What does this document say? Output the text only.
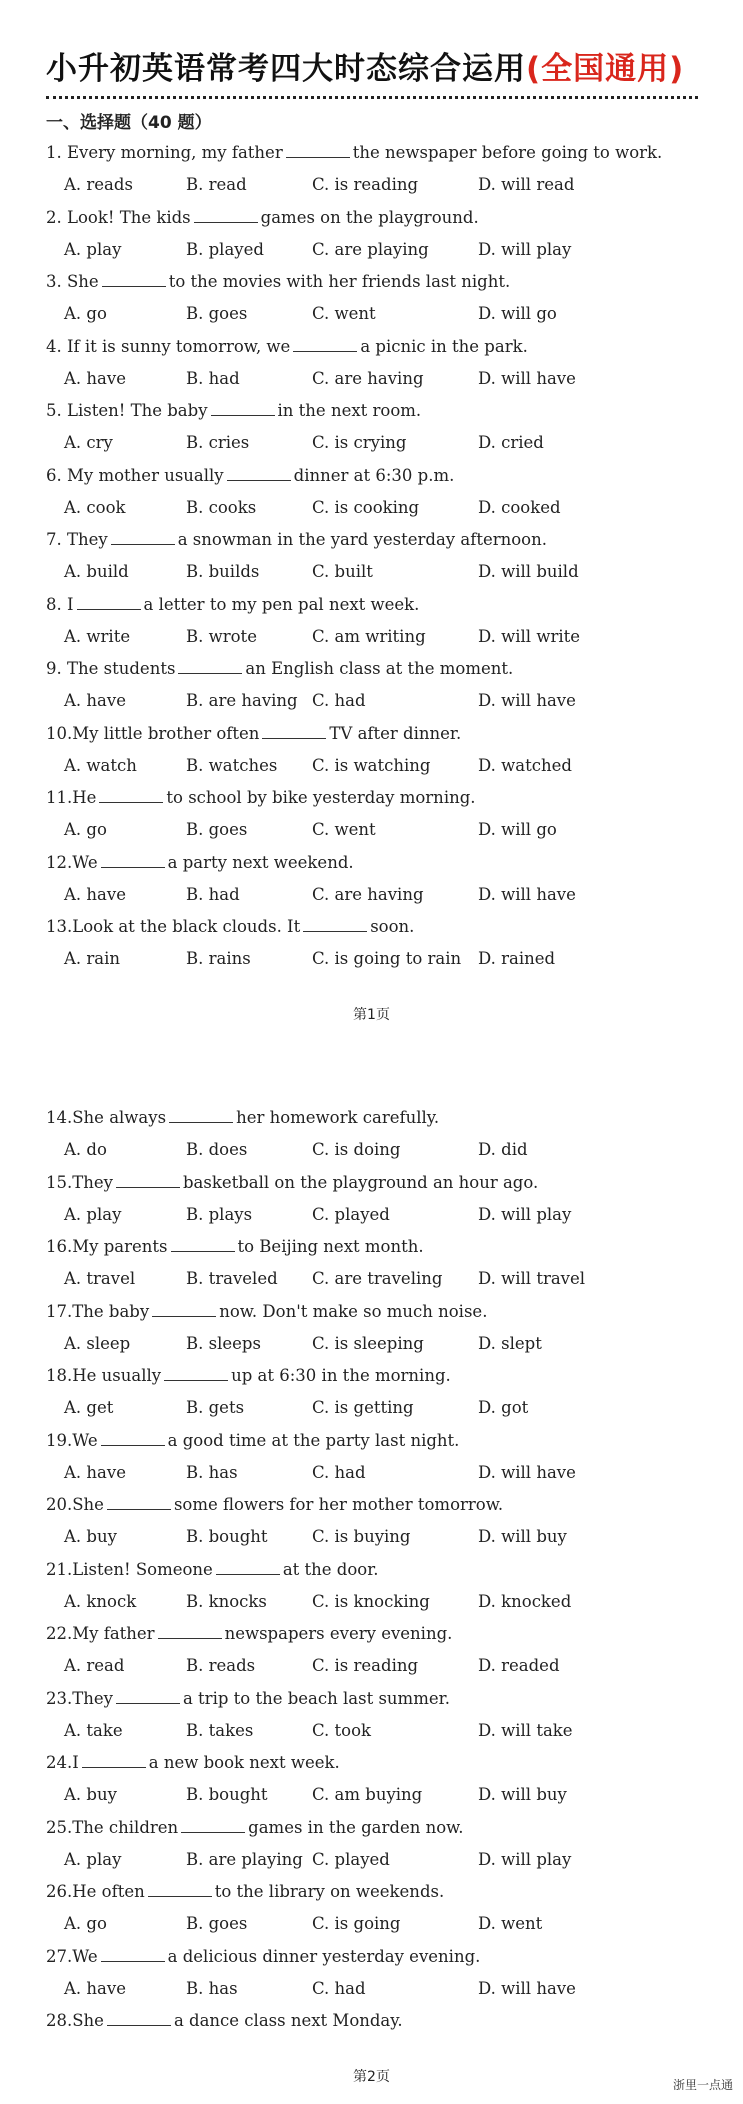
小升初英语常考四大时态综合运用(全国通用)
一、选择题（40 题）
1. Every morning, my father	the newspaper before going to work.
A. reads	B. read	C. is reading	D. will read
2. Look! The kids	games on the playground.
A. play	B. played	C. are playing	D. will play
3. She	to the movies with her friends last night.
A. go	B. goes	C. went	D. will go
4. If it is sunny tomorrow, we	a picnic in the park.
A. have	B. had	C. are having	D. will have
5. Listen! The baby	in the next room.
A. cry	B. cries	C. is crying	D. cried
6. My mother usually	dinner at 6:30 p.m.
A. cook	B. cooks	C. is cooking	D. cooked
7. They	a snowman in the yard yesterday afternoon.
A. build	B. builds	C. built	D. will build
8. I	a letter to my pen pal next week.
A. write	B. wrote	C. am writing	D. will write
9. The students	an English class at the moment.
A. have	B. are having C. had	D. will have
10.My little brother often	TV after dinner.
A. watch	B. watches C. is watching	D. watched
11.He	to school by bike yesterday morning.
A. go	B. goes	C. went	D. will go
12.We	a party next weekend.
A. have	B. had	C. are having	D. will have
13.Look at the black clouds. It	soon.
A. rain	B. rains	C. is going to rain D. rained
14.She always	her homework carefully.
A. do	B. does	C. is doing	D. did
15.They	basketball on the playground an hour ago.
A. play	B. plays	C. played	D. will play
16.My parents	to Beijing next month.
A. travel	B. traveled C. are traveling D. will travel
17.The baby	now. Don't make so much noise.
A. sleep	B. sleeps	C. is sleeping	D. slept
18.He usually	up at 6:30 in the morning.
A. get	B. gets	C. is getting	D. got
19.We	a good time at the party last night.
A. have	B. has	C. had	D. will have
20.She	some flowers for her mother tomorrow.
A. buy	B. bought	C. is buying	D. will buy
21.Listen! Someone	at the door.
A. knock	B. knocks	C. is knocking	D. knocked
22.My father	newspapers every evening.
A. read	B. reads	C. is reading	D. readed
23.They	a trip to the beach last summer.
A. take	B. takes	C. took	D. will take
24.I	a new book next week.
A. buy	B. bought	C. am buying	D. will buy
25.The children	games in the garden now.
A. play	B. are playing C. played	D. will play
26.He often	to the library on weekends.
A. go	B. goes	C. is going	D. went
27.We	a delicious dinner yesterday evening.
A. have	B. has	C. had	D. will have
28.She	a dance class next Monday.
第1页
第2页	浙里一点通
